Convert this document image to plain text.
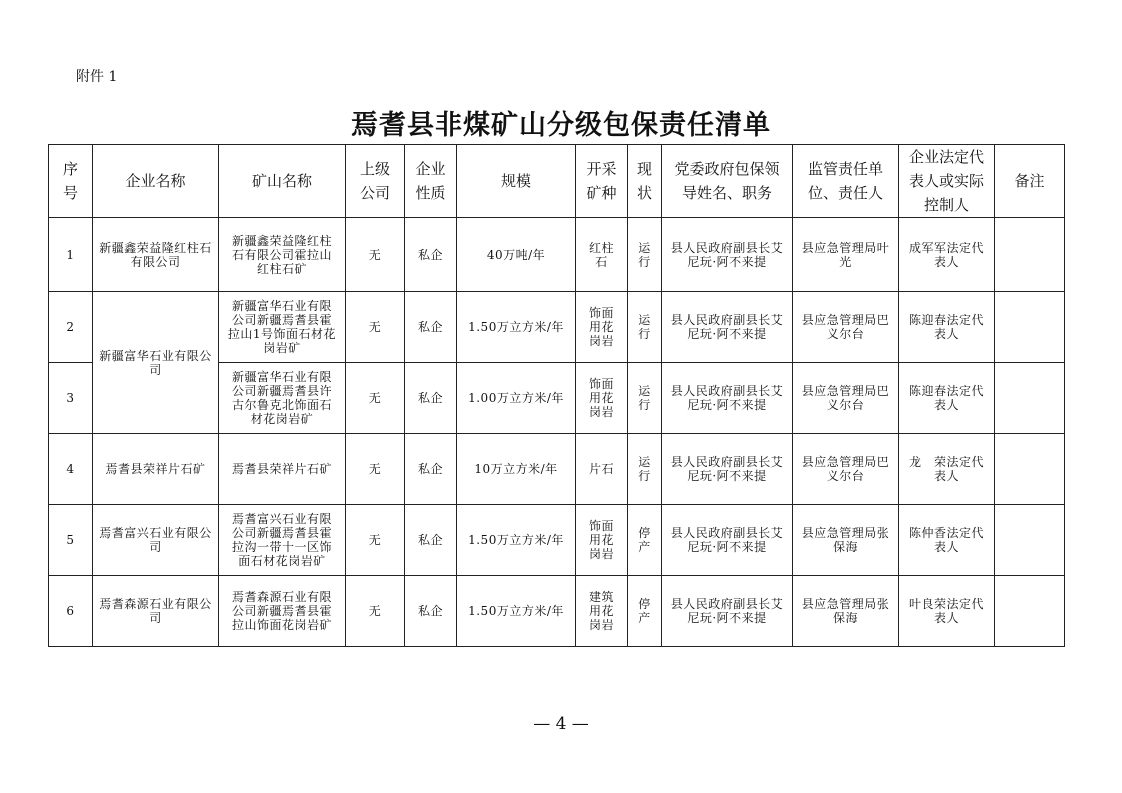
附件 1
焉耆县非煤矿山分级包保责任清单
序号	企业名称	矿山名称	上级公司	企业性质	规模	开采矿种	现状	党委政府包保领导姓名、职务	监管责任单位、责任人	企业法定代表人或实际控制人	备注
1	新疆鑫荣益隆红柱石有限公司	新疆鑫荣益隆红柱石有限公司霍拉山红柱石矿	无	私企	40万吨/年	红柱石	运行	县人民政府副县长艾尼玩·阿不来提	县应急管理局叶光	成军军法定代表人	
2	新疆富华石业有限公司	新疆富华石业有限公司新疆焉耆县霍拉山1号饰面石材花岗岩矿	无	私企	1.50万立方米/年	饰面用花岗岩	运行	县人民政府副县长艾尼玩·阿不来提	县应急管理局巴义尔台	陈迎春法定代表人	
3		新疆富华石业有限公司新疆焉耆县许古尔鲁克北饰面石材花岗岩矿	无	私企	1.00万立方米/年	饰面用花岗岩	运行	县人民政府副县长艾尼玩·阿不来提	县应急管理局巴义尔台	陈迎春法定代表人	
4	焉耆县荣祥片石矿	焉耆县荣祥片石矿	无	私企	10万立方米/年	片石	运行	县人民政府副县长艾尼玩·阿不来提	县应急管理局巴义尔台	龙　荣法定代表人	
5	焉耆富兴石业有限公司	焉耆富兴石业有限公司新疆焉耆县霍拉沟一带十一区饰面石材花岗岩矿	无	私企	1.50万立方米/年	饰面用花岗岩	停产	县人民政府副县长艾尼玩·阿不来提	县应急管理局张保海	陈仲香法定代表人	
6	焉耆森源石业有限公司	焉耆森源石业有限公司新疆焉耆县霍拉山饰面花岗岩矿	无	私企	1.50万立方米/年	建筑用花岗岩	停产	县人民政府副县长艾尼玩·阿不来提	县应急管理局张保海	叶良荣法定代表人	
— 4 —
